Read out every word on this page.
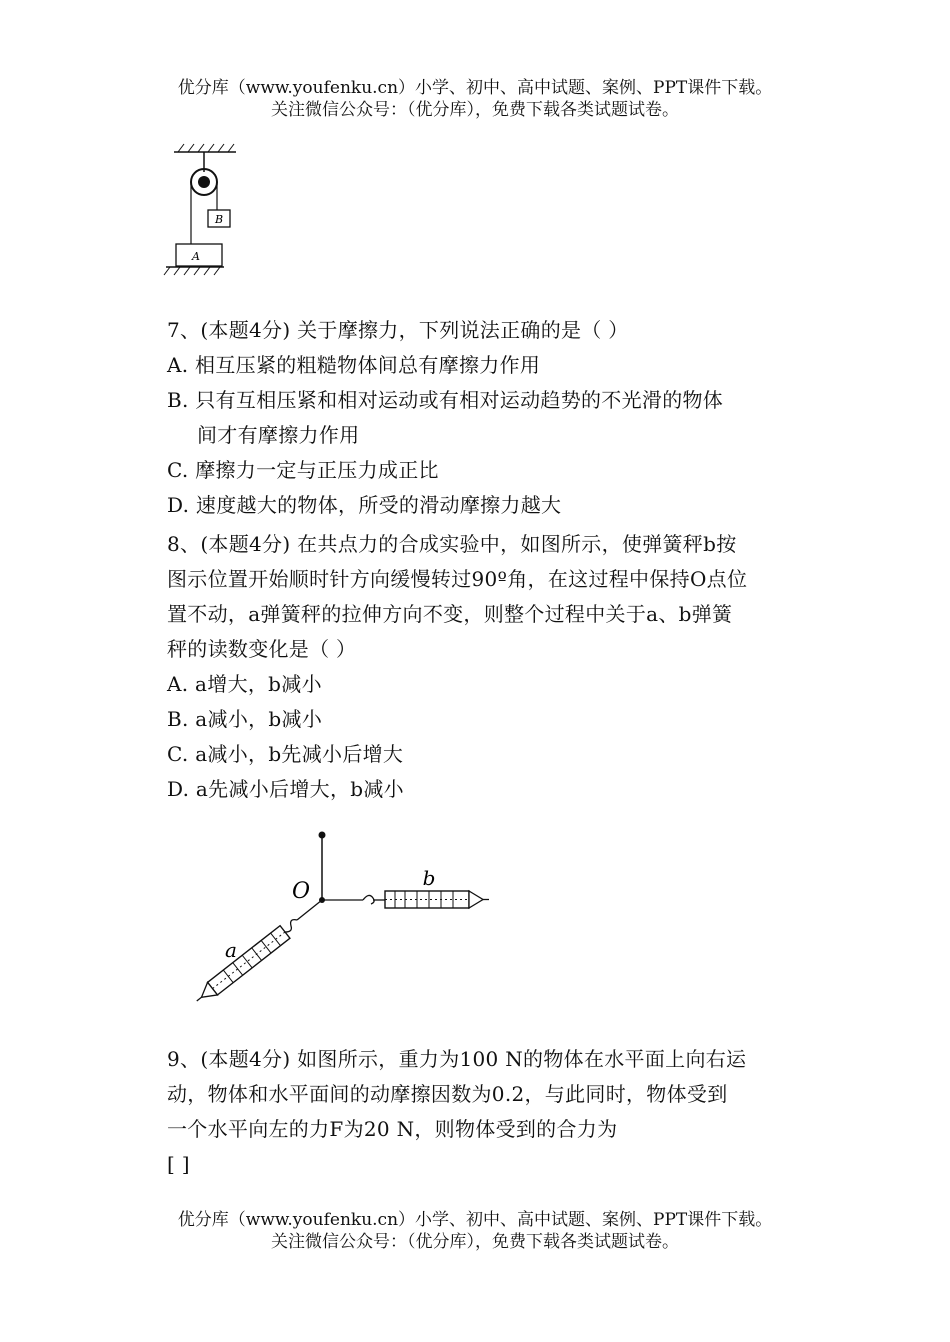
优分库（www.youfenku.cn）小学、初中、高中试题、案例、PPT课件下载。
关注微信公众号：（优分库），免费下载各类试题试卷。
B
A
7、(本题4分) 关于摩擦力，下列说法正确的是（ ）
A. 相互压紧的粗糙物体间总有摩擦力作用
B. 只有互相压紧和相对运动或有相对运动趋势的不光滑的物体
间才有摩擦力作用
C. 摩擦力一定与正压力成正比
D. 速度越大的物体，所受的滑动摩擦力越大
8、(本题4分) 在共点力的合成实验中，如图所示，使弹簧秤b按
图示位置开始顺时针方向缓慢转过90º角，在这过程中保持O点位
置不动，a弹簧秤的拉伸方向不变，则整个过程中关于a、b弹簧
秤的读数变化是（ ）
A. a增大，b减小
B. a减小，b减小
C. a减小，b先减小后增大
D. a先减小后增大，b减小
O
b
a
9、(本题4分) 如图所示，重力为100 N的物体在水平面上向右运
动，物体和水平面间的动摩擦因数为0.2，与此同时，物体受到
一个水平向左的力F为20 N，则物体受到的合力为
[ ]
优分库（www.youfenku.cn）小学、初中、高中试题、案例、PPT课件下载。
关注微信公众号：（优分库），免费下载各类试题试卷。
